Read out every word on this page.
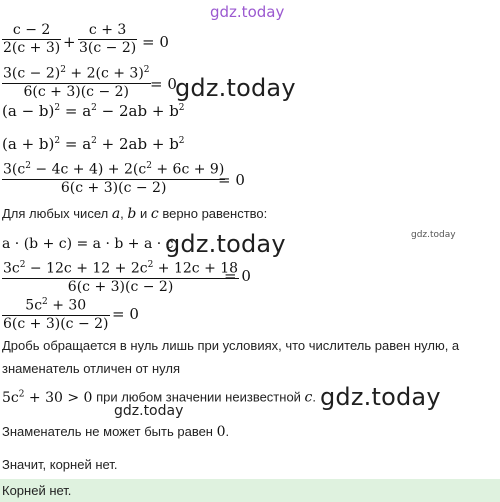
gdz.today
c − 2
2(c + 3) +
c + 3
3(c − 2) = 0
$3(c - 2)^2 + 2(c + 3)^2$
6(c + 3)(c − 2) = 0
gdz.today
$(a - b)^2 = a^2 - 2ab + b^2$
$(a + b)^2 = a^2 + 2ab + b^2$
$3(c^2 - 4c + 4) + 2(c^2 + 6c + 9)$
6(c + 3)(c − 2)	= 0
Для любых чисел a, b и c верно равенство:
a · (b + c) = a · b + a · c
gdz.today	gdz.today
$3c^2 - 12c + 12 + 2c^2 + 12c + 18$
6(c + 3)(c − 2)
= 0
$5c^2 + 30$
6(c + 3)(c − 2)
= 0
Дробь обращается в нуль лишь при условиях, что числитель равен нулю, а
знаменатель отличен от нуля
$5c^2 + 30 > 0$ при любом значении неизвестной c. gdz.today
gdz.today
Знаменатель не может быть равен 0.
Значит, корней нет.
Корней нет.
